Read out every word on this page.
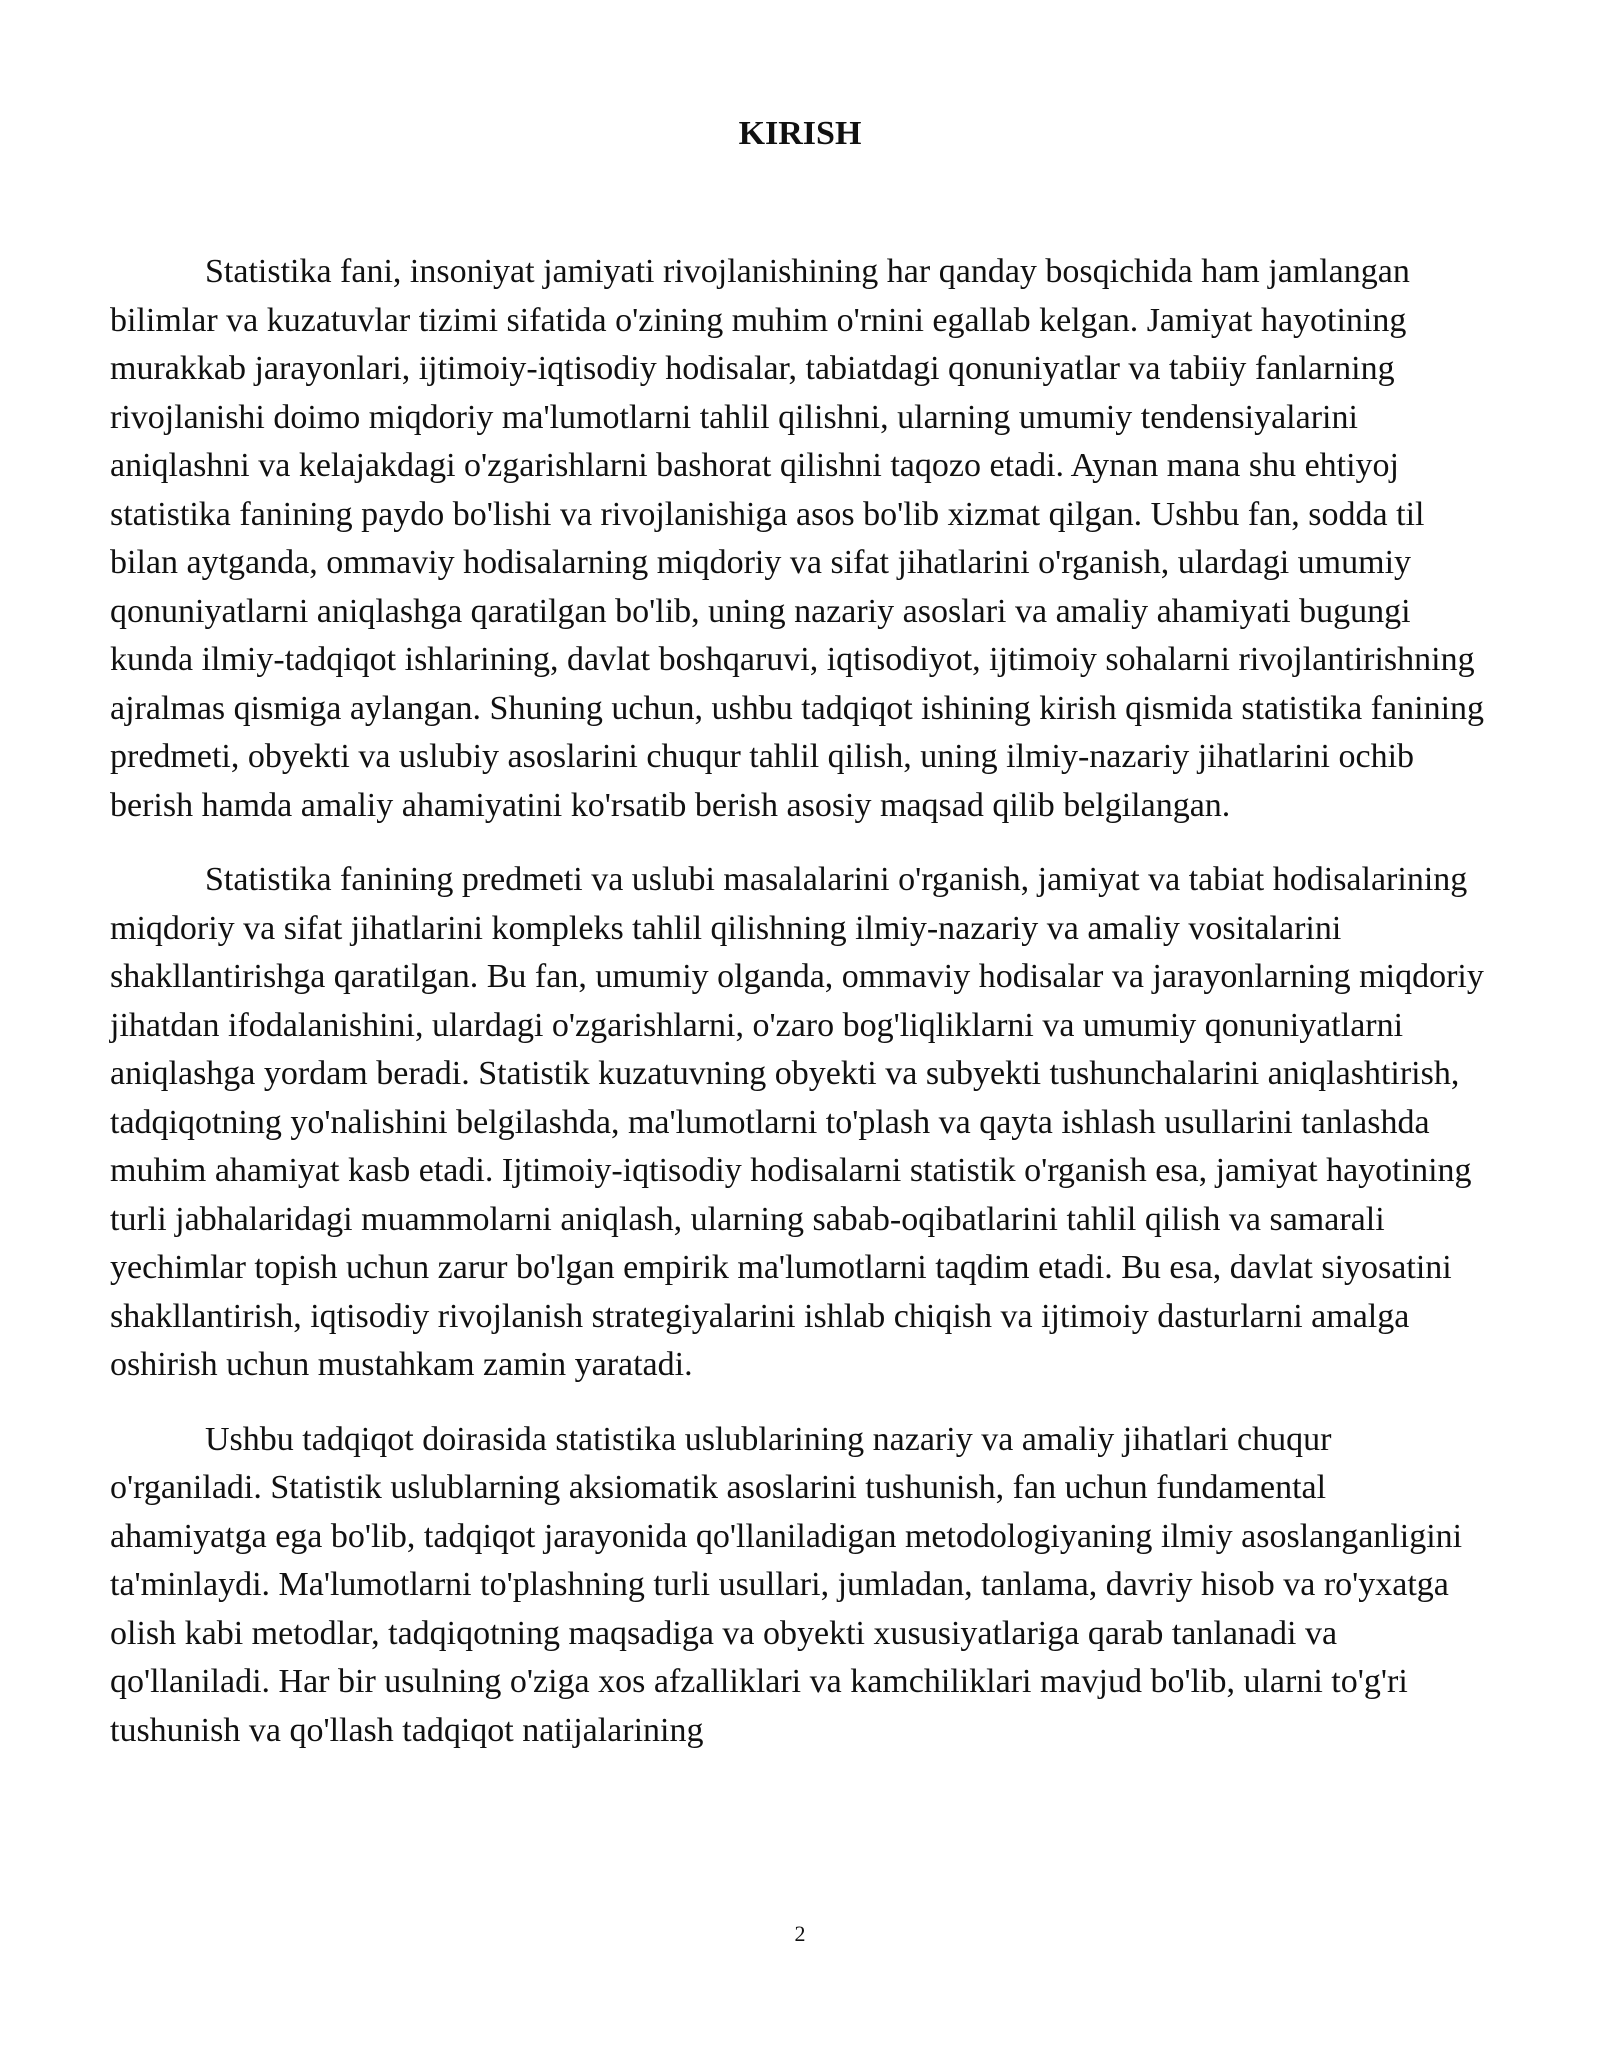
KIRISH

Statistika fani, insoniyat jamiyati rivojlanishining har qanday bosqichida ham jamlangan bilimlar va kuzatuvlar tizimi sifatida o'zining muhim o'rnini egallab kelgan. Jamiyat hayotining murakkab jarayonlari, ijtimoiy-iqtisodiy hodisalar, tabiatdagi qonuniyatlar va tabiiy fanlarning rivojlanishi doimo miqdoriy ma'lumotlarni tahlil qilishni, ularning umumiy tendensiyalarini aniqlashni va kelajakdagi o'zgarishlarni bashorat qilishni taqozo etadi. Aynan mana shu ehtiyoj statistika fanining paydo bo'lishi va rivojlanishiga asos bo'lib xizmat qilgan. Ushbu fan, sodda til bilan aytganda, ommaviy hodisalarning miqdoriy va sifat jihatlarini o'rganish, ulardagi umumiy qonuniyatlarni aniqlashga qaratilgan bo'lib, uning nazariy asoslari va amaliy ahamiyati bugungi kunda ilmiy-tadqiqot ishlarining, davlat boshqaruvi, iqtisodiyot, ijtimoiy sohalarni rivojlantirishning ajralmas qismiga aylangan. Shuning uchun, ushbu tadqiqot ishining kirish qismida statistika fanining predmeti, obyekti va uslubiy asoslarini chuqur tahlil qilish, uning ilmiy-nazariy jihatlarini ochib berish hamda amaliy ahamiyatini ko'rsatib berish asosiy maqsad qilib belgilangan.

Statistika fanining predmeti va uslubi masalalarini o'rganish, jamiyat va tabiat hodisalarining miqdoriy va sifat jihatlarini kompleks tahlil qilishning ilmiy-nazariy va amaliy vositalarini shakllantirishga qaratilgan. Bu fan, umumiy olganda, ommaviy hodisalar va jarayonlarning miqdoriy jihatdan ifodalanishini, ulardagi o'zgarishlarni, o'zaro bog'liqliklarni va umumiy qonuniyatlarni aniqlashga yordam beradi. Statistik kuzatuvning obyekti va subyekti tushunchalarini aniqlashtirish, tadqiqotning yo'nalishini belgilashda, ma'lumotlarni to'plash va qayta ishlash usullarini tanlashda muhim ahamiyat kasb etadi. Ijtimoiy-iqtisodiy hodisalarni statistik o'rganish esa, jamiyat hayotining turli jabhalaridagi muammolarni aniqlash, ularning sabab-oqibatlarini tahlil qilish va samarali yechimlar topish uchun zarur bo'lgan empirik ma'lumotlarni taqdim etadi. Bu esa, davlat siyosatini shakllantirish, iqtisodiy rivojlanish strategiyalarini ishlab chiqish va ijtimoiy dasturlarni amalga oshirish uchun mustahkam zamin yaratadi.

Ushbu tadqiqot doirasida statistika uslublarining nazariy va amaliy jihatlari chuqur o'rganiladi. Statistik uslublarning aksiomatik asoslarini tushunish, fan uchun fundamental ahamiyatga ega bo'lib, tadqiqot jarayonida qo'llaniladigan metodologiyaning ilmiy asoslanganligini ta'minlaydi. Ma'lumotlarni to'plashning turli usullari, jumladan, tanlama, davriy hisob va ro'yxatga olish kabi metodlar, tadqiqotning maqsadiga va obyekti xususiyatlariga qarab tanlanadi va qo'llaniladi. Har bir usulning o'ziga xos afzalliklari va kamchiliklari mavjud bo'lib, ularni to'g'ri tushunish va qo'llash tadqiqot natijalarining

2
